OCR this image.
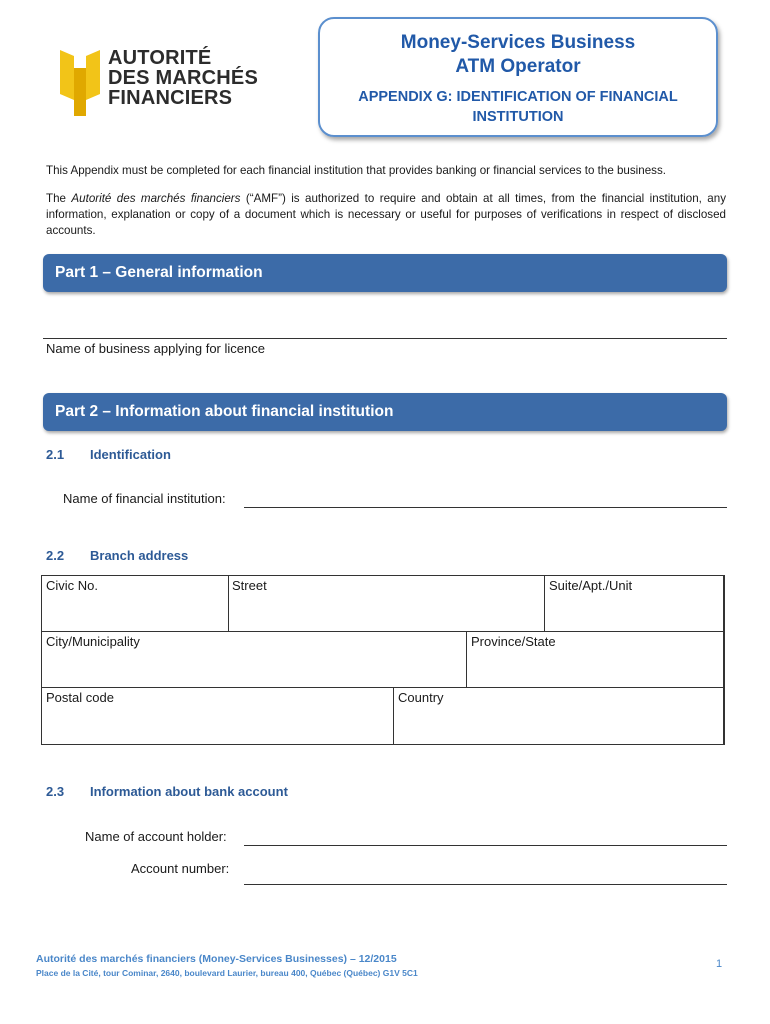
AUTORITÉ
DES MARCHÉS
FINANCIERS
Money-Services Business
ATM Operator
APPENDIX G: IDENTIFICATION OF FINANCIAL INSTITUTION
This Appendix must be completed for each financial institution that provides banking or financial services to the business.
The Autorité des marchés financiers (“AMF”) is authorized to require and obtain at all times, from the financial institution, any information, explanation or copy of a document which is necessary or useful for purposes of verifications in respect of disclosed accounts.
Part 1 – General information
Name of business applying for licence
Part 2 – Information about financial institution
2.1 Identification
Name of financial institution:
2.2 Branch address
Civic No.	Street	Suite/Apt./Unit
City/Municipality	Province/State
Postal code	Country
2.3 Information about bank account
Name of account holder:
Account number:
Autorité des marchés financiers (Money-Services Businesses) – 12/2015
Place de la Cité, tour Cominar, 2640, boulevard Laurier, bureau 400, Québec (Québec) G1V 5C1
1
